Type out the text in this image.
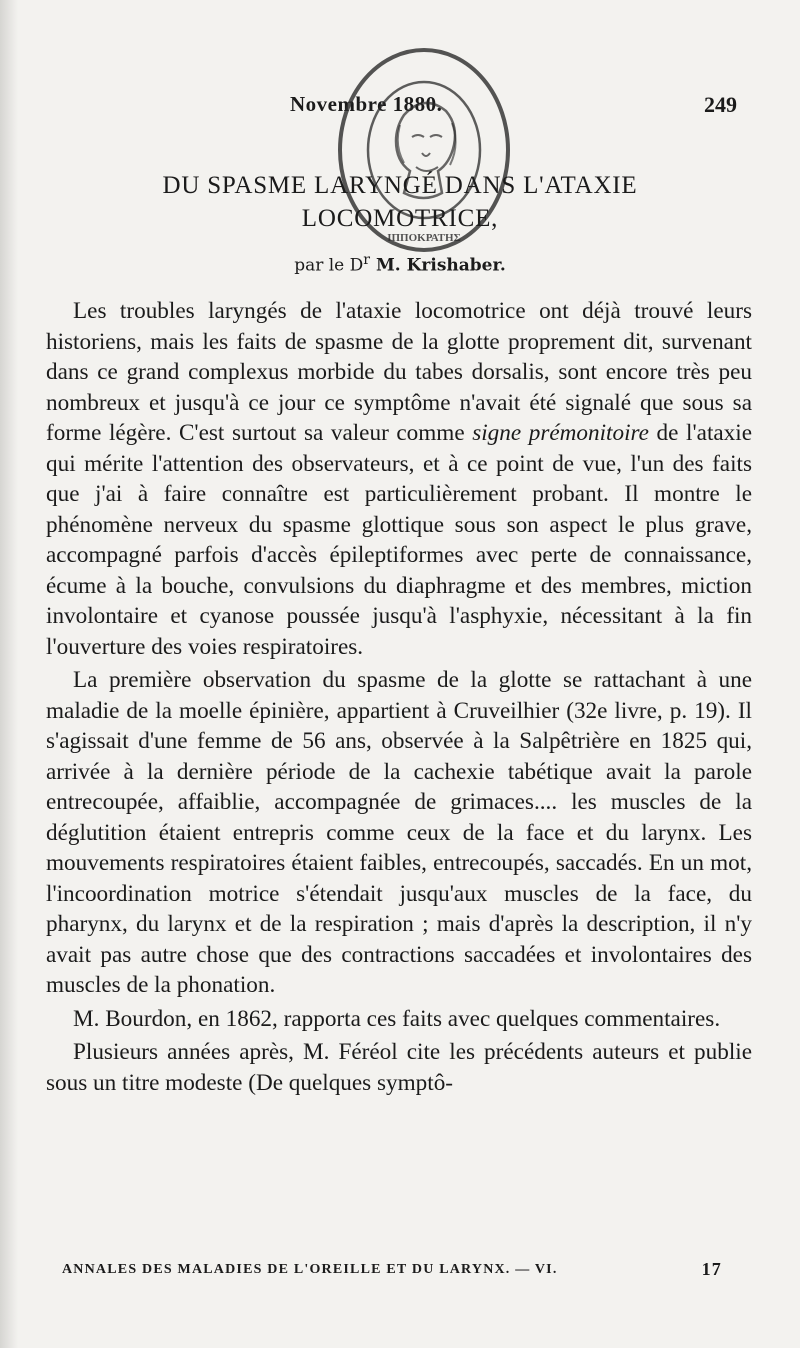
Novembre 1880.	249
ΙΠΠΟΚΡΑΤΗΣ
DU SPASME LARYNGÉ DANS L'ATAXIE
LOCOMOTRICE,
par le $D^r$ M. Krishaber.

Les troubles laryngés de l'ataxie locomotrice ont déjà trouvé leurs historiens, mais les faits de spasme de la glotte proprement dit, survenant dans ce grand complexus morbide du tabes dorsalis, sont encore très peu nombreux et jusqu'à ce jour ce symptôme n'avait été signalé que sous sa forme légère. C'est surtout sa valeur comme signe prémonitoire de l'ataxie qui mérite l'attention des observateurs, et à ce point de vue, l'un des faits que j'ai à faire connaître est particulièrement probant. Il montre le phénomène nerveux du spasme glottique sous son aspect le plus grave, accompagné parfois d'accès épileptiformes avec perte de connaissance, écume à la bouche, convulsions du diaphragme et des membres, miction involontaire et cyanose poussée jusqu'à l'asphyxie, nécessitant à la fin l'ouverture des voies respiratoires.

La première observation du spasme de la glotte se rattachant à une maladie de la moelle épinière, appartient à Cruveilhier (32e livre, p. 19). Il s'agissait d'une femme de 56 ans, observée à la Salpêtrière en 1825 qui, arrivée à la dernière période de la cachexie tabétique avait la parole entrecoupée, affaiblie, accompagnée de grimaces.... les muscles de la déglutition étaient entrepris comme ceux de la face et du larynx. Les mouvements respiratoires étaient faibles, entrecoupés, saccadés. En un mot, l'incoordination motrice s'étendait jusqu'aux muscles de la face, du pharynx, du larynx et de la respiration ; mais d'après la description, il n'y avait pas autre chose que des contractions saccadées et involontaires des muscles de la phonation.

M. Bourdon, en 1862, rapporta ces faits avec quelques commentaires.

Plusieurs années après, M. Féréol cite les précédents auteurs et publie sous un titre modeste (De quelques symptô-

ANNALES DES MALADIES DE L'OREILLE ET DU LARYNX. — VI.	17
